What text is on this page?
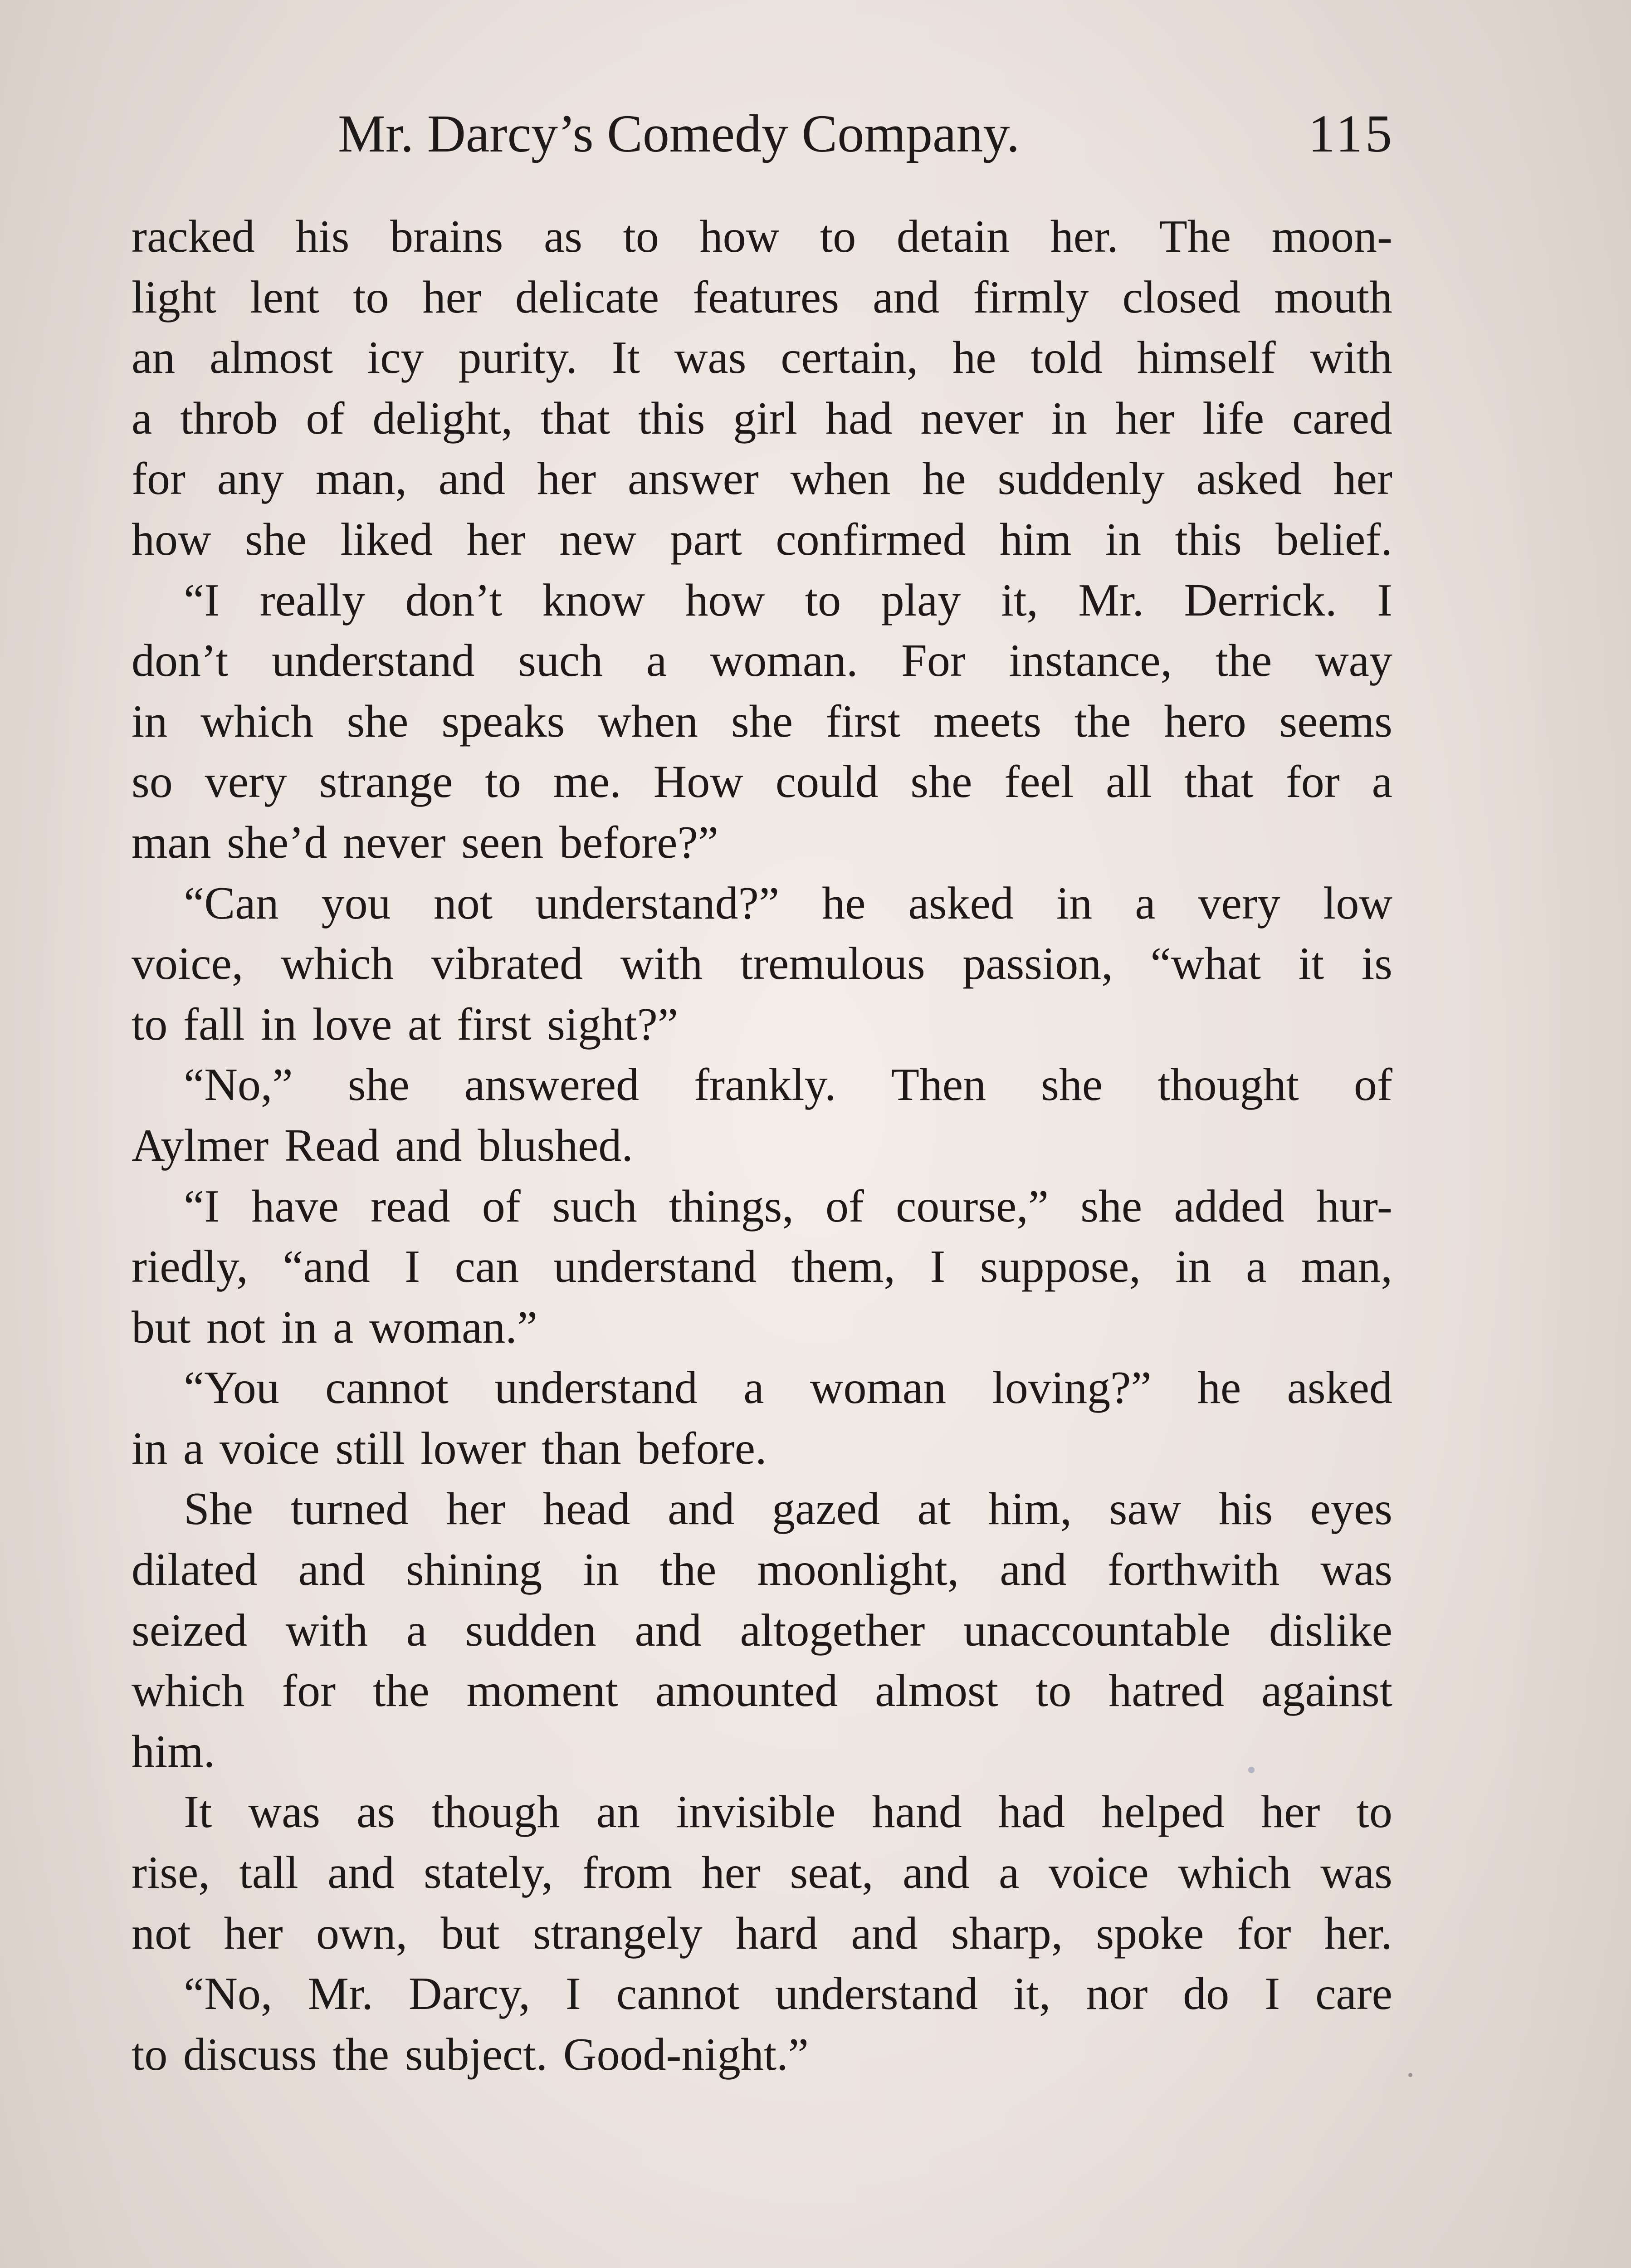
Mr. Darcy’s Comedy Company.	115
racked his brains as to how to detain her. The moon-
light lent to her delicate features and firmly closed mouth
an almost icy purity. It was certain, he told himself with
a throb of delight, that this girl had never in her life cared
for any man, and her answer when he suddenly asked her
how she liked her new part confirmed him in this belief.
“I really don’t know how to play it, Mr. Derrick. I
don’t understand such a woman. For instance, the way
in which she speaks when she first meets the hero seems
so very strange to me. How could she feel all that for a
man she’d never seen before?”
“Can you not understand?” he asked in a very low
voice, which vibrated with tremulous passion, “what it is
to fall in love at first sight?”
“No,” she answered frankly. Then she thought of
Aylmer Read and blushed.
“I have read of such things, of course,” she added hur-
riedly, “and I can understand them, I suppose, in a man,
but not in a woman.”
“You cannot understand a woman loving?” he asked
in a voice still lower than before.
She turned her head and gazed at him, saw his eyes
dilated and shining in the moonlight, and forthwith was
seized with a sudden and altogether unaccountable dislike
which for the moment amounted almost to hatred against
him.
It was as though an invisible hand had helped her to
rise, tall and stately, from her seat, and a voice which was
not her own, but strangely hard and sharp, spoke for her.
“No, Mr. Darcy, I cannot understand it, nor do I care
to discuss the subject. Good-night.”
